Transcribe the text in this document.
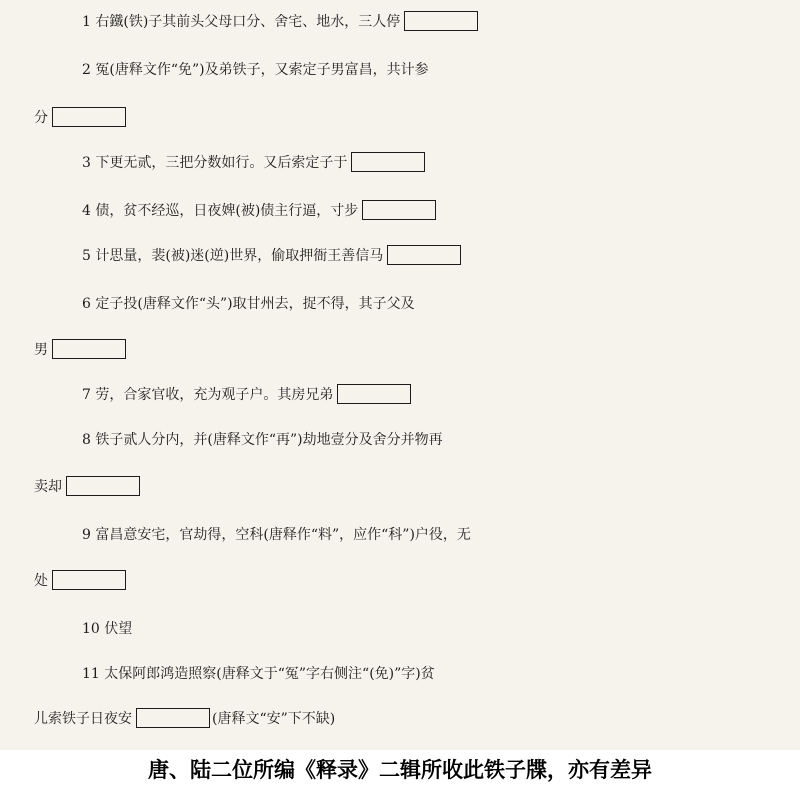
1 右鐵(铁)子其前头父母口分、舍宅、地水，三人停
2 冤(唐释文作“免”)及弟铁子，又索定子男富昌，共计参
分
3 下更无贰，三把分数如行。又后索定子于
4 债，贫不经巡，日夜婢(被)债主行逼，寸步
5 计思量，裴(被)迷(逆)世界，偷取押衙王善信马
6 定子投(唐释文作“头”)取甘州去，捉不得，其子父及
男
7 劳，合家官收，充为观子户。其房兄弟
8 铁子贰人分内，并(唐释文作“再”)劫地壹分及舍分并物再
卖却
9 富昌意安宅，官劫得，空科(唐释作“料”，应作“科”)户役，无
处
10 伏望
11 太保阿郎鸿造照察(唐释文于“冤”字右侧注“(免)”字)贫
儿索铁子日夜安	(唐释文“安”下不缺)
唐、陆二位所编《释录》二辑所收此铁子牒，亦有差异
